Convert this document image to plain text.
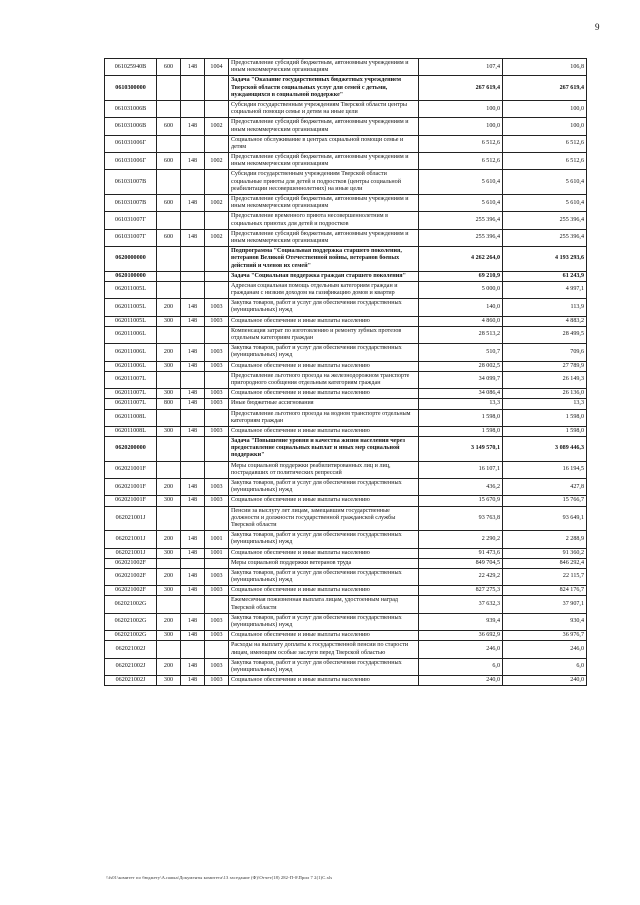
9
061025940В	600	148	1004	Предоставление субсидий бюджетным, автономным учреждениям и иным некоммерческим организациям	107,4	106,8
0610300000				Задача "Оказание государственных бюджетных учреждением Тверской области социальных услуг для семей с детьми, нуждающихся в социальной поддержке"	267 619,4	267 619,4
061031006В				Субсидия государственным учреждениям Тверской области центры социальной помощи семье и детям на иные цели	100,0	100,0
061031006В	600	148	1002	Предоставление субсидий бюджетным, автономным учреждениям и иным некоммерческим организациям	100,0	100,0
061031006Г				Социальное обслуживание в центрах социальной помощи семье и детям	6 512,6	6 512,6
061031006Г	600	148	1002	Предоставление субсидий бюджетным, автономным учреждениям и иным некоммерческим организациям	6 512,6	6 512,6
061031007В				Субсидии государственным учреждениям Тверской области социальные приюты для детей и подростков (центры социальной реабилитации несовершеннолетних) на иные цели	5 610,4	5 610,4
061031007В	600	148	1002	Предоставление субсидий бюджетным, автономным учреждениям и иным некоммерческим организациям	5 610,4	5 610,4
061031007Г				Предоставление временного приюта несовершеннолетним в социальных приютах для детей и подростков	255 396,4	255 396,4
061031007Г	600	148	1002	Предоставление субсидий бюджетным, автономным учреждениям и иным некоммерческим организациям	255 396,4	255 396,4
0620000000				Подпрограмма "Социальная поддержка старшего поколения, ветеранов Великой Отечественной войны, ветеранов боевых действий и членов их семей"	4 262 264,0	4 193 293,6
0620100000				Задача "Социальная поддержка граждан старшего поколения"	69 210,9	61 243,9
062011005L				Адресная социальная помощь отдельным категориям граждан и гражданам с низким доходом на газификацию домов и квартир	5 000,0	4 997,1
062011005L	200	148	1003	Закупка товаров, работ и услуг для обеспечения государственных (муниципальных) нужд	140,0	113,9
062011005L	300	148	1003	Социальное обеспечение и иные выплаты населению	4 860,0	4 883,2
062011006L				Компенсация затрат по изготовлению и ремонту зубных протезов отдельным категориям граждан	28 513,2	28 499,5
062011006L	200	148	1003	Закупка товаров, работ и услуг для обеспечения государственных (муниципальных) нужд	510,7	709,6
062011006L	300	148	1003	Социальное обеспечение и иные выплаты населению	28 002,5	27 789,9
062011007L				Предоставление льготного проезда на железнодорожном транспорте пригородного сообщения отдельным категориям граждан	34 099,7	26 149,3
062011007L	300	148	1003	Социальное обеспечение и иные выплаты населению	34 086,4	26 136,0
062011007L	800	148	1003	Иные бюджетные ассигнования	13,3	13,3
062011008L				Предоставление льготного проезда на водном транспорте отдельным категориям граждан	1 598,0	1 598,0
062011008L	300	148	1003	Социальное обеспечение и иные выплаты населению	1 598,0	1 598,0
0620200000				Задача "Повышение уровня и качества жизни населения через предоставление социальных выплат и иных мер социальной поддержки"	3 149 570,1	3 089 446,3
062021001F				Меры социальной поддержки реабилитированных лиц и лиц, пострадавших от политических репрессий	16 107,1	16 194,5
062021001F	200	148	1003	Закупка товаров, работ и услуг для обеспечения государственных (муниципальных) нужд	436,2	427,8
062021001F	300	148	1003	Социальное обеспечение и иные выплаты населению	15 670,9	15 766,7
062021001J				Пенсии за выслугу лет лицам, замещавшим государственные должности и должности государственной гражданской службы Тверской области	93 763,8	93 649,1
062021001J	200	148	1001	Закупка товаров, работ и услуг для обеспечения государственных (муниципальных) нужд	2 290,2	2 288,9
062021001J	300	148	1001	Социальное обеспечение и иные выплаты населению	91 473,6	91 360,2
062021002F				Меры социальной поддержки ветеранов труда	849 704,5	846 292,4
062021002F	200	148	1003	Закупка товаров, работ и услуг для обеспечения государственных (муниципальных) нужд	22 429,2	22 115,7
062021002F	300	148	1003	Социальное обеспечение и иные выплаты населению	827 275,3	824 176,7
062021002G				Ежемесячная пожизненная выплата лицам, удостоенным наград Тверской области	37 632,3	37 907,1
062021002G	200	148	1003	Закупка товаров, работ и услуг для обеспечения государственных (муниципальных) нужд	939,4	930,4
062021002G	300	148	1003	Социальное обеспечение и иные выплаты населению	36 692,9	36 976,7
062021002J				Расходы на выплату доплаты к государственной пенсии по старости лицам, имеющим особые заслуги перед Тверской областью	246,0	246,0
062021002J	200	148	1003	Закупка товаров, работ и услуг для обеспечения государственных (муниципальных) нужд	6,0	6,0
062021002J	300	148	1003	Социальное обеспечение и иные выплаты населению	240,0	240,0
\\fs01\комитет по бюджету\А.папка\Документы комитета\13 заседание (Ф)\Отчет(18) 282-П-0\Прил 7 2(1)С.xls
